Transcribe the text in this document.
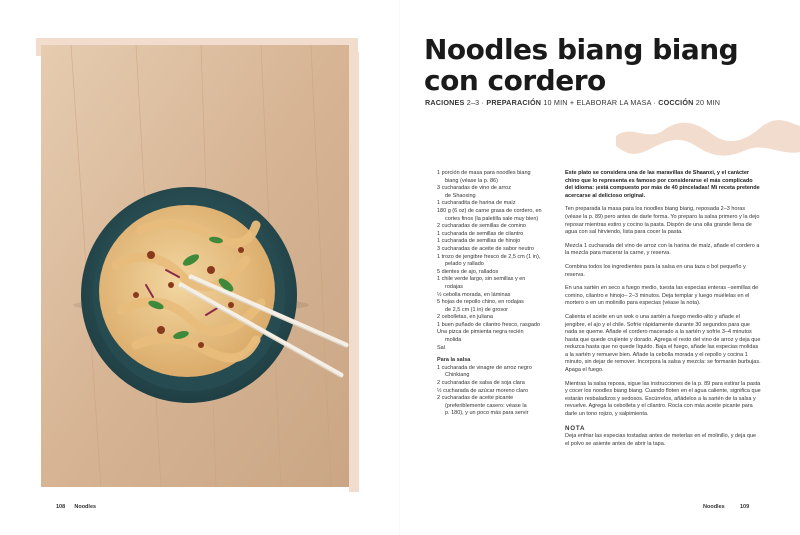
108 Noodles
Noodles biang biang
con cordero
RACIONES 2–3 · PREPARACIÓN 10 MIN + ELABORAR LA MASA · COCCIÓN 20 MIN
1 porción de masa para noodles biang
biang (véase la p. 86)
3 cucharadas de vino de arroz
de Shaoxing
1 cucharadita de harina de maíz
180 g (6 oz) de carne grasa de cordero, en
cortes finos (la paletilla sale muy bien)
2 cucharadas de semillas de comino
1 cucharada de semillas de cilantro
1 cucharada de semillas de hinojo
3 cucharadas de aceite de sabor neutro
1 trozo de jengibre fresco de 2,5 cm (1 in),
pelado y rallado
5 dientes de ajo, rallados
1 chile verde largo, sin semillas y en
rodajas
½ cebolla morada, en láminas
5 hojas de repollo chino, en rodajas
de 2,5 cm (1 in) de grosor
2 cebolletas, en juliana
1 buen puñado de cilantro fresco, rasgado
Una pizca de pimienta negra recién
molida
Sal
Para la salsa
1 cucharada de vinagre de arroz negro
Chinkiang
2 cucharadas de salsa de soja clara
½ cucharada de azúcar moreno claro
2 cucharadas de aceite picante
(preferiblemente casero: véase la
p. 180), y un poco más para servir

Este plato se considera una de las maravillas de Shaanxi, y el carácter chino que lo representa es famoso por considerarse el más complicado del idioma: ¡está compuesto por más de 40 pinceladas! Mi receta pretende acercarse al delicioso original.

Ten preparada la masa para los noodles biang biang, reposada 2–3 horas (véase la p. 89) pero antes de darle forma. Yo preparo la salsa primero y la dejo reposar mientras estiro y cocino la pasta. Dispón de una olla grande llena de agua con sal hirviendo, lista para cocer la pasta.

Mezcla 1 cucharada del vino de arroz con la harina de maíz, añade el cordero a la mezcla para macerar la carne, y reserva.

Combina todos los ingredientes para la salsa en una taza o bol pequeño y reserva.

En una sartén en seco a fuego medio, tuesta las especias enteras –semillas de comino, cilantro e hinojo– 2–3 minutos. Deja templar y luego muélelas en el mortero o en un molinillo para especias (véase la nota).

Calienta el aceite en un wok o una sartén a fuego medio-alto y añade el jengibre, el ajo y el chile. Sofríe rápidamente durante 30 segundos para que nada se queme. Añade el cordero macerado a la sartén y sofríe 3–4 minutos hasta que quede crujiente y dorado. Agrega el resto del vino de arroz y deja que reduzca hasta que no quede líquido. Baja el fuego, añade las especias molidas a la sartén y remueve bien. Añade la cebolla morada y el repollo y cocina 1 minuto, sin dejar de remover. Incorpora la salsa y mezcla: se formarán burbujas. Apaga el fuego.

Mientras la salsa reposa, sigue las instrucciones de la p. 89 para estirar la pasta y cocer los noodles biang biang. Cuando floten en el agua caliente, significa que estarán resbaladizos y sedosos. Escúrrelos, añádelos a la sartén de la salsa y revuelve. Agrega la cebolleta y el cilantro. Rocía con más aceite picante para darle un tono rojizo, y salpimienta.

NOTA

Deja enfriar las especias tostadas antes de meterlas en el molinillo, y deja que el polvo se asiente antes de abrir la tapa.

Noodles	109
